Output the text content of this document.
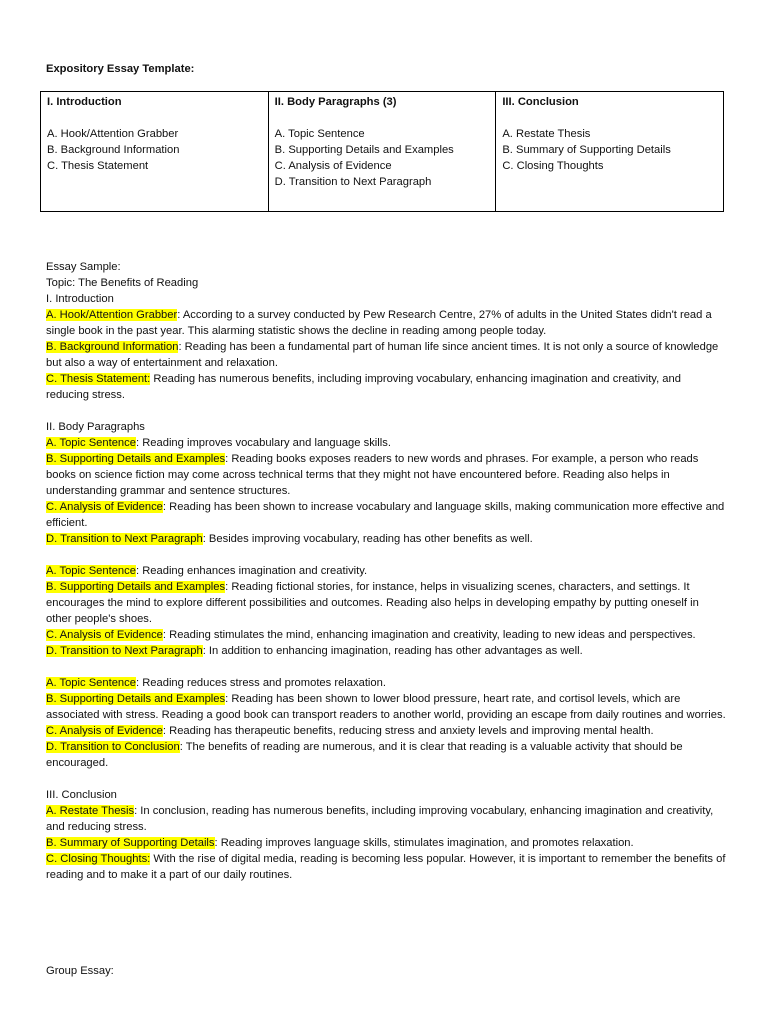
Expository Essay Template:
I. Introduction
A. Hook/Attention Grabber
B. Background Information
C. Thesis Statement

II. Body Paragraphs (3)
A. Topic Sentence
B. Supporting Details and Examples
C. Analysis of Evidence
D. Transition to Next Paragraph

III. Conclusion
A. Restate Thesis
B. Summary of Supporting Details
C. Closing Thoughts
Essay Sample:
Topic: The Benefits of Reading
I. Introduction
A. Hook/Attention Grabber: According to a survey conducted by Pew Research Centre, 27% of adults in the United States didn't read a single book in the past year. This alarming statistic shows the decline in reading among people today.
B. Background Information: Reading has been a fundamental part of human life since ancient times. It is not only a source of knowledge but also a way of entertainment and relaxation.
C. Thesis Statement: Reading has numerous benefits, including improving vocabulary, enhancing imagination and creativity, and reducing stress.
II. Body Paragraphs
A. Topic Sentence: Reading improves vocabulary and language skills.
B. Supporting Details and Examples: Reading books exposes readers to new words and phrases. For example, a person who reads books on science fiction may come across technical terms that they might not have encountered before. Reading also helps in understanding grammar and sentence structures.
C. Analysis of Evidence: Reading has been shown to increase vocabulary and language skills, making communication more effective and efficient.
D. Transition to Next Paragraph: Besides improving vocabulary, reading has other benefits as well.
A. Topic Sentence: Reading enhances imagination and creativity.
B. Supporting Details and Examples: Reading fictional stories, for instance, helps in visualizing scenes, characters, and settings. It encourages the mind to explore different possibilities and outcomes. Reading also helps in developing empathy by putting oneself in other people's shoes.
C. Analysis of Evidence: Reading stimulates the mind, enhancing imagination and creativity, leading to new ideas and perspectives.
D. Transition to Next Paragraph: In addition to enhancing imagination, reading has other advantages as well.
A. Topic Sentence: Reading reduces stress and promotes relaxation.
B. Supporting Details and Examples: Reading has been shown to lower blood pressure, heart rate, and cortisol levels, which are associated with stress. Reading a good book can transport readers to another world, providing an escape from daily routines and worries.
C. Analysis of Evidence: Reading has therapeutic benefits, reducing stress and anxiety levels and improving mental health.
D. Transition to Conclusion: The benefits of reading are numerous, and it is clear that reading is a valuable activity that should be encouraged.
III. Conclusion
A. Restate Thesis: In conclusion, reading has numerous benefits, including improving vocabulary, enhancing imagination and creativity, and reducing stress.
B. Summary of Supporting Details: Reading improves language skills, stimulates imagination, and promotes relaxation.
C. Closing Thoughts: With the rise of digital media, reading is becoming less popular. However, it is important to remember the benefits of reading and to make it a part of our daily routines.
Group Essay:
